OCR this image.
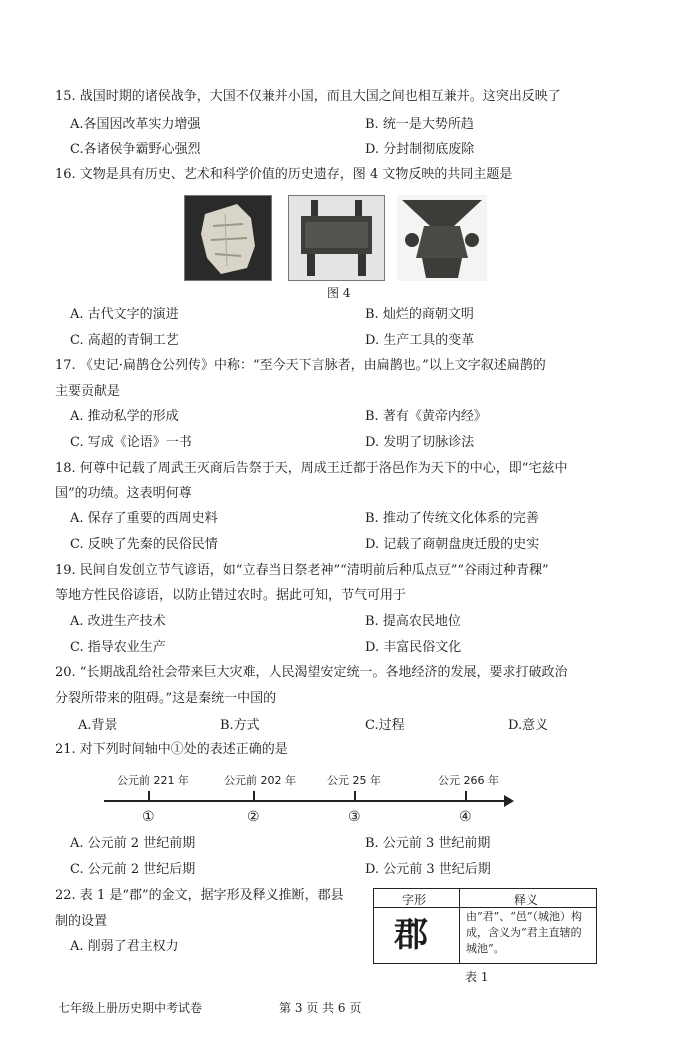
15. 战国时期的诸侯战争，大国不仅兼并小国，而且大国之间也相互兼并。这突出反映了
A.各国因改革实力增强	B. 统一是大势所趋
C.各诸侯争霸野心强烈	D. 分封制彻底废除
16. 文物是具有历史、艺术和科学价值的历史遗存，图 4 文物反映的共同主题是
图 4
A. 古代文字的演进	B. 灿烂的商朝文明
C. 高超的青铜工艺	D. 生产工具的变革
17. 《史记·扁鹊仓公列传》中称：“至今天下言脉者，由扁鹊也。”以上文字叙述扁鹊的
主要贡献是
A. 推动私学的形成	B. 著有《黄帝内经》
C. 写成《论语》一书	D. 发明了切脉诊法
18. 何尊中记载了周武王灭商后告祭于天，周成王迁都于洛邑作为天下的中心，即“宅兹中
国”的功绩。这表明何尊
A. 保存了重要的西周史料	B. 推动了传统文化体系的完善
C. 反映了先秦的民俗民情	D. 记载了商朝盘庚迁殷的史实
19. 民间自发创立节气谚语，如“立春当日祭老神”“清明前后种瓜点豆”“谷雨过种青稞”
等地方性民俗谚语，以防止错过农时。据此可知，节气可用于
A. 改进生产技术	B. 提高农民地位
C. 指导农业生产	D. 丰富民俗文化
20. “长期战乱给社会带来巨大灾难，人民渴望安定统一。各地经济的发展，要求打破政治
分裂所带来的阻碍。”这是秦统一中国的
A.背景	B.方式	C.过程	D.意义
21. 对下列时间轴中①处的表述正确的是
公元前 221 年	公元前 202 年	公元 25 年	公元 266 年
①	②	③	④
A. 公元前 2 世纪前期	B. 公元前 3 世纪前期
C. 公元前 2 世纪后期	D. 公元前 3 世纪后期
22. 表 1 是“郡”的金文，据字形及释义推断，郡县
制的设置
A. 削弱了君主权力
字形	释义
郡	由“君”、“邑”（城池）构成，含义为“君主直辖的城池”。
表 1
七年级上册历史期中考试卷	第 3 页 共 6 页
